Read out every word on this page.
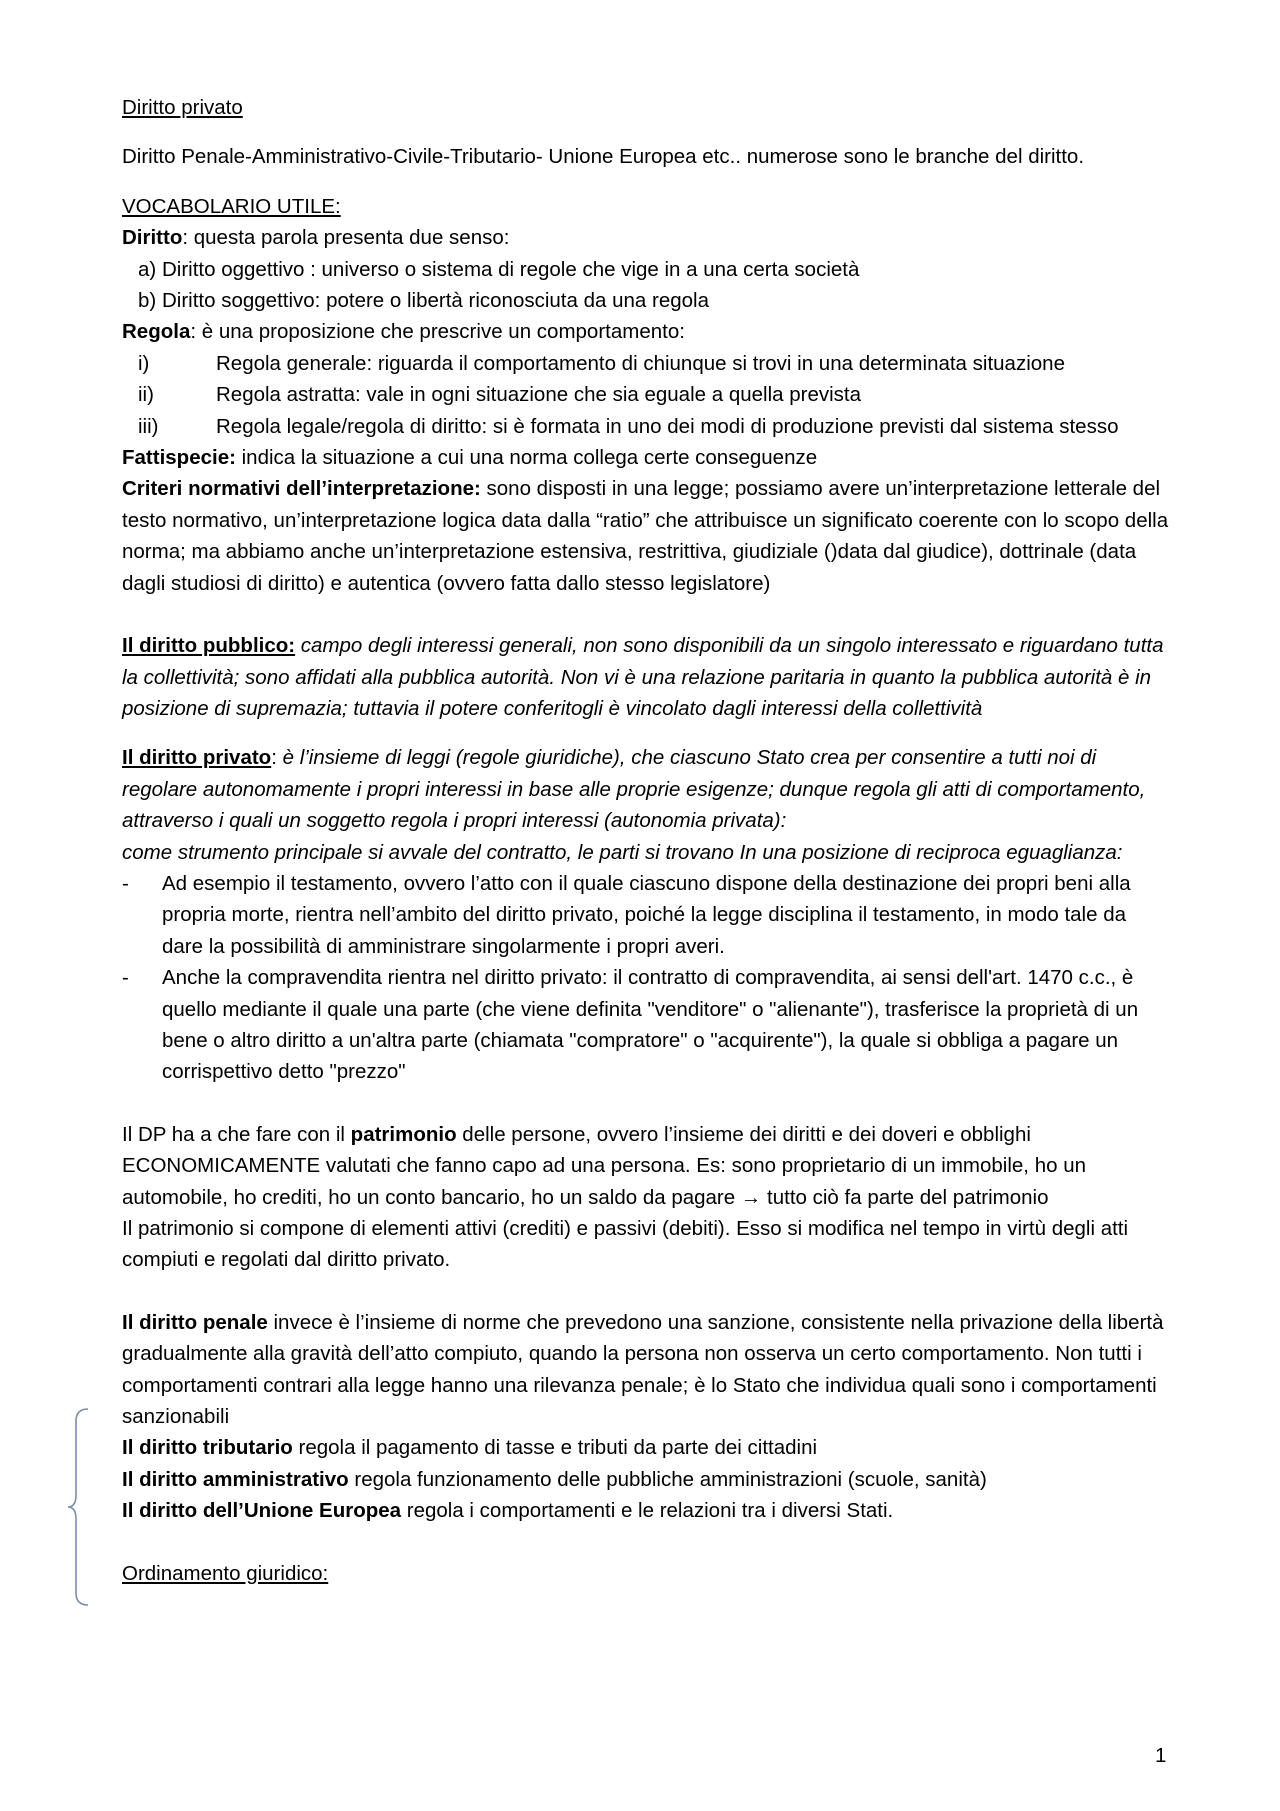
Diritto privato

Diritto Penale-Amministrativo-Civile-Tributario- Unione Europea etc.. numerose sono le branche del diritto.

VOCABOLARIO UTILE:

Diritto: questa parola presenta due senso:

a) Diritto oggettivo : universo o sistema di regole che vige in a una certa società
b) Diritto soggettivo: potere o libertà riconosciuta da una regola

Regola: è una proposizione che prescrive un comportamento:

i)	Regola generale: riguarda il comportamento di chiunque si trovi in una determinata situazione
ii)	Regola astratta: vale in ogni situazione che sia eguale a quella prevista
iii)	Regola legale/regola di diritto: si è formata in uno dei modi di produzione previsti dal sistema stesso

Fattispecie: indica la situazione a cui una norma collega certe conseguenze

Criteri normativi dell’interpretazione: sono disposti in una legge; possiamo avere un’interpretazione letterale del testo normativo, un’interpretazione logica data dalla “ratio” che attribuisce un significato coerente con lo scopo della norma; ma abbiamo anche un’interpretazione estensiva, restrittiva, giudiziale ()data dal giudice), dottrinale (data dagli studiosi di diritto) e autentica (ovvero fatta dallo stesso legislatore)

Il diritto pubblico: campo degli interessi generali, non sono disponibili da un singolo interessato e riguardano tutta la collettività; sono affidati alla pubblica autorità. Non vi è una relazione paritaria in quanto la pubblica autorità è in posizione di supremazia; tuttavia il potere conferitogli è vincolato dagli interessi della collettività

Il diritto privato: è l’insieme di leggi (regole giuridiche), che ciascuno Stato crea per consentire a tutti noi di regolare autonomamente i propri interessi in base alle proprie esigenze; dunque regola gli atti di comportamento, attraverso i quali un soggetto regola i propri interessi (autonomia privata):

come strumento principale si avvale del contratto, le parti si trovano In una posizione di reciproca eguaglianza:

- Ad esempio il testamento, ovvero l’atto con il quale ciascuno dispone della destinazione dei propri beni alla propria morte, rientra nell’ambito del diritto privato, poiché la legge disciplina il testamento, in modo tale da dare la possibilità di amministrare singolarmente i propri averi.
- Anche la compravendita rientra nel diritto privato: il contratto di compravendita, ai sensi dell'art. 1470 c.c., è quello mediante il quale una parte (che viene definita "venditore" o "alienante"), trasferisce la proprietà di un bene o altro diritto a un'altra parte (chiamata "compratore" o "acquirente"), la quale si obbliga a pagare un corrispettivo detto "prezzo"

Il DP ha a che fare con il patrimonio delle persone, ovvero l’insieme dei diritti e dei doveri e obblighi ECONOMICAMENTE valutati che fanno capo ad una persona. Es: sono proprietario di un immobile, ho un automobile, ho crediti, ho un conto bancario, ho un saldo da pagare → tutto ciò fa parte del patrimonio

Il patrimonio si compone di elementi attivi (crediti) e passivi (debiti). Esso si modifica nel tempo in virtù degli atti compiuti e regolati dal diritto privato.

Il diritto penale invece è l’insieme di norme che prevedono una sanzione, consistente nella privazione della libertà gradualmente alla gravità dell’atto compiuto, quando la persona non osserva un certo comportamento. Non tutti i comportamenti contrari alla legge hanno una rilevanza penale; è lo Stato che individua quali sono i comportamenti sanzionabili

Il diritto tributario regola il pagamento di tasse e tributi da parte dei cittadini

Il diritto amministrativo regola funzionamento delle pubbliche amministrazioni (scuole, sanità)

Il diritto dell’Unione Europea regola i comportamenti e le relazioni tra i diversi Stati.

Ordinamento giuridico:

1
